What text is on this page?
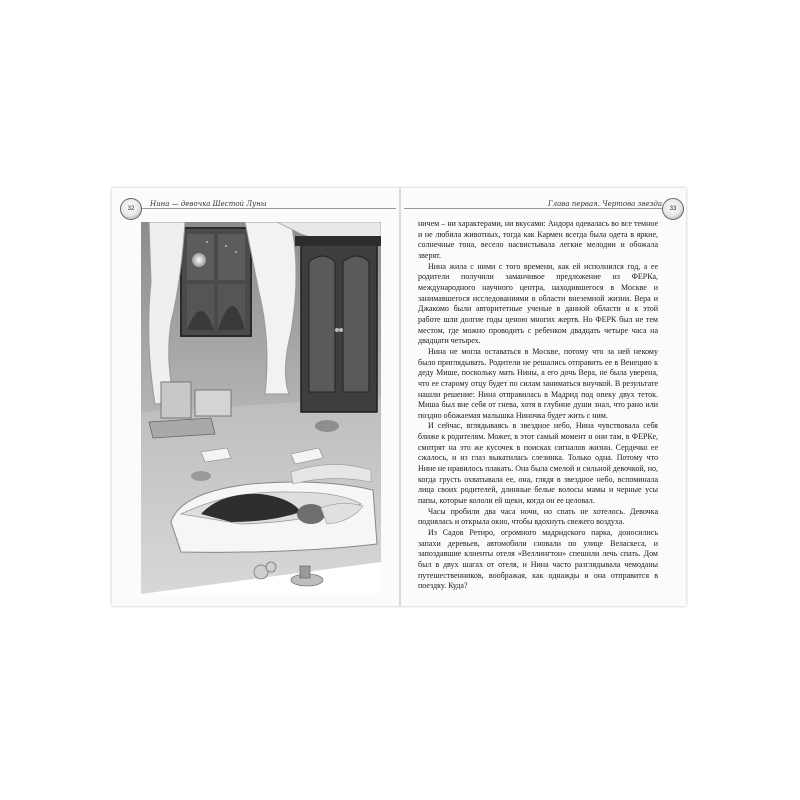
32
Нина — девочка Шестой Луны
33
Глава первая. Чертова звезда

ничем – ни характерами, ни вкусами: Андора одевалась во все темное и не любила животных, тогда как Кармен всегда была одета в яркие, солнечные тона, весело насвистывала легкие мелодии и обожала зверят.

Нина жила с ними с того времени, как ей исполнился год, а ее родители получили заманчивое предложение из ФЕРКа, международного научного центра, находившегося в Москве и занимавшегося исследованиями в области внеземной жизни. Вера и Джакомо были авторитетные ученые в данной области и к этой работе шли долгие годы ценою многих жертв. Но ФЕРК был не тем местом, где можно проводить с ребенком двадцать четыре часа на двадцати четырех.

Нина не могла оставаться в Москве, потому что за ней некому было приглядывать. Родители не решались отправить ее в Венецию к деду Мише, поскольку мать Нины, а его дочь Вера, не была уверена, что ее старому отцу будет по силам заниматься внучкой. В результате нашли решение: Нина отправилась в Мадрид под опеку двух теток. Миша был вне себя от гнева, хотя в глубине души знал, что рано или поздно обожаемая малышка Ниночка будет жить с ним.

И сейчас, вглядываясь в звездное небо, Нина чувствовала себя ближе к родителям. Может, в этот самый момент и они там, в ФЕРКе, смотрят на это же кусочек в поисках сигналов жизни. Сердечко ее сжалось, и из глаз выкатилась слезинка. Только одна. Потому что Нине не нравилось плакать. Она была смелой и сильной девочкой, но, когда грусть охватывала ее, она, глядя в звездное небо, вспоминала лица своих родителей, длинные белые волосы мамы и черные усы папы, которые кололи ей щеки, когда он ее целовал.

Часы пробили два часа ночи, но спать не хотелось. Девочка поднялась и открыла окно, чтобы вдохнуть свежего воздуха.

Из Садов Ретиро, огромного мадридского парка, доносились запахи деревьев, автомобили сновали по улице Веласкеса, и запоздавшие клиенты отеля «Веллингтон» спешили лечь спать. Дом был в двух шагах от отеля, и Нина часто разглядывала чемоданы путешественников, воображая, как однажды и она отправится в поездку. Куда?
